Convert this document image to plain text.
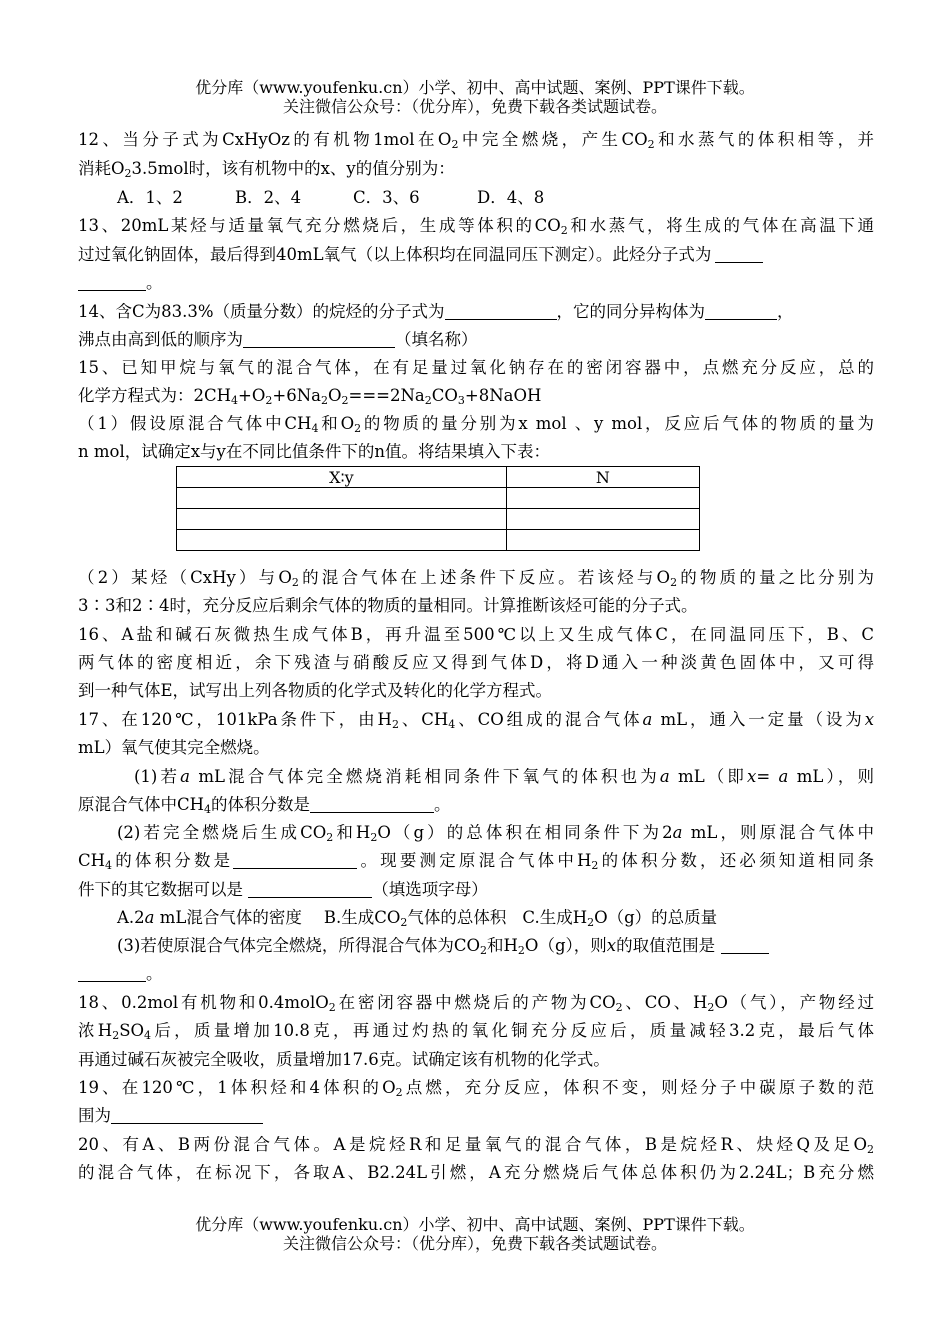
优分库（www.youfenku.cn）小学、初中、高中试题、案例、PPT课件下载。
关注微信公众号：（优分库），免费下载各类试题试卷。
12、当分子式为CxHyOz的有机物1mol在$O_2$中完全燃烧，产生$CO_2$和水蒸气的体积相等，并
消耗$O_23.5mol$时，该有机物中的x、y的值分别为：
A．1、2	B．2、4	C．3、6	D．4、8
13、20mL某烃与适量氧气充分燃烧后，生成等体积的$CO_2$和水蒸气，将生成的气体在高温下通
过过氧化钠固体，最后得到40mL氧气（以上体积均在同温同压下测定）。此烃分子式为
。
14、含C为83.3%（质量分数）的烷烃的分子式为	，它的同分异构体为	，
沸点由高到低的顺序为	（填名称）
15、已知甲烷与氧气的混合气体，在有足量过氧化钠存在的密闭容器中，点燃充分反应，总的
化学方程式为：$2CH_4+O_2+6Na_2O_2===2Na_2CO_3+8NaOH$
（1）假设原混合气体中$CH_4$和$O_2$的物质的量分别为x mol 、y mol，反应后气体的物质的量为
n mol，试确定x与y在不同比值条件下的n值。将结果填入下表：
X∶y	N

（2）某烃（CxHy）与$O_2$的混合气体在上述条件下反应。若该烃与$O_2$的物质的量之比分别为
3∶3和2∶4时，充分反应后剩余气体的物质的量相同。计算推断该烃可能的分子式。
16、A盐和碱石灰微热生成气体B，再升温至500℃以上又生成气体C，在同温同压下，B、C
两气体的密度相近，余下残渣与硝酸反应又得到气体D，将D通入一种淡黄色固体中，又可得
到一种气体E，试写出上列各物质的化学式及转化的化学方程式。
17、在120℃，101kPa条件下，由$H_2$、$CH_4$、CO组成的混合气体a mL，通入一定量（设为x
mL）氧气使其完全燃烧。
(1)若a mL混合气体完全燃烧消耗相同条件下氧气的体积也为a mL（即x= a mL），则
原混合气体中$CH_4$的体积分数是	。
(2)若完全燃烧后生成$CO_2$和$H_2O(g)$的总体积在相同条件下为2a mL，则原混合气体中
$CH_4$的体积分数是	。现要测定原混合气体中$H_2$的体积分数，还必须知道相同条
件下的其它数据可以是	（填选项字母）
A.2a mL混合气体的密度 B.生成$CO_2$气体的总体积 C.生成$H_2O(g)$的总质量
(3)若使原混合气体完全燃烧，所得混合气体为$CO_2$和$H_2O(g)$，则x的取值范围是
。
18、0.2mol有机物和0.4molO$_2$在密闭容器中燃烧后的产物为$CO_2$、CO、$H_2O$（气），产物经过
浓$H_2SO_4$后，质量增加10.8克，再通过灼热的氧化铜充分反应后，质量减轻3.2克，最后气体
再通过碱石灰被完全吸收，质量增加17.6克。试确定该有机物的化学式。
19、在120℃，1体积烃和4体积的$O_2$点燃，充分反应，体积不变，则烃分子中碳原子数的范
围为
20、有A、B两份混合气体。A是烷烃R和足量氧气的混合气体，B是烷烃R、炔烃Q及足$O_2$
的混合气体，在标况下，各取A、B2.24L引燃，A充分燃烧后气体总体积仍为2.24L；B充分燃
优分库（www.youfenku.cn）小学、初中、高中试题、案例、PPT课件下载。
关注微信公众号：（优分库），免费下载各类试题试卷。
